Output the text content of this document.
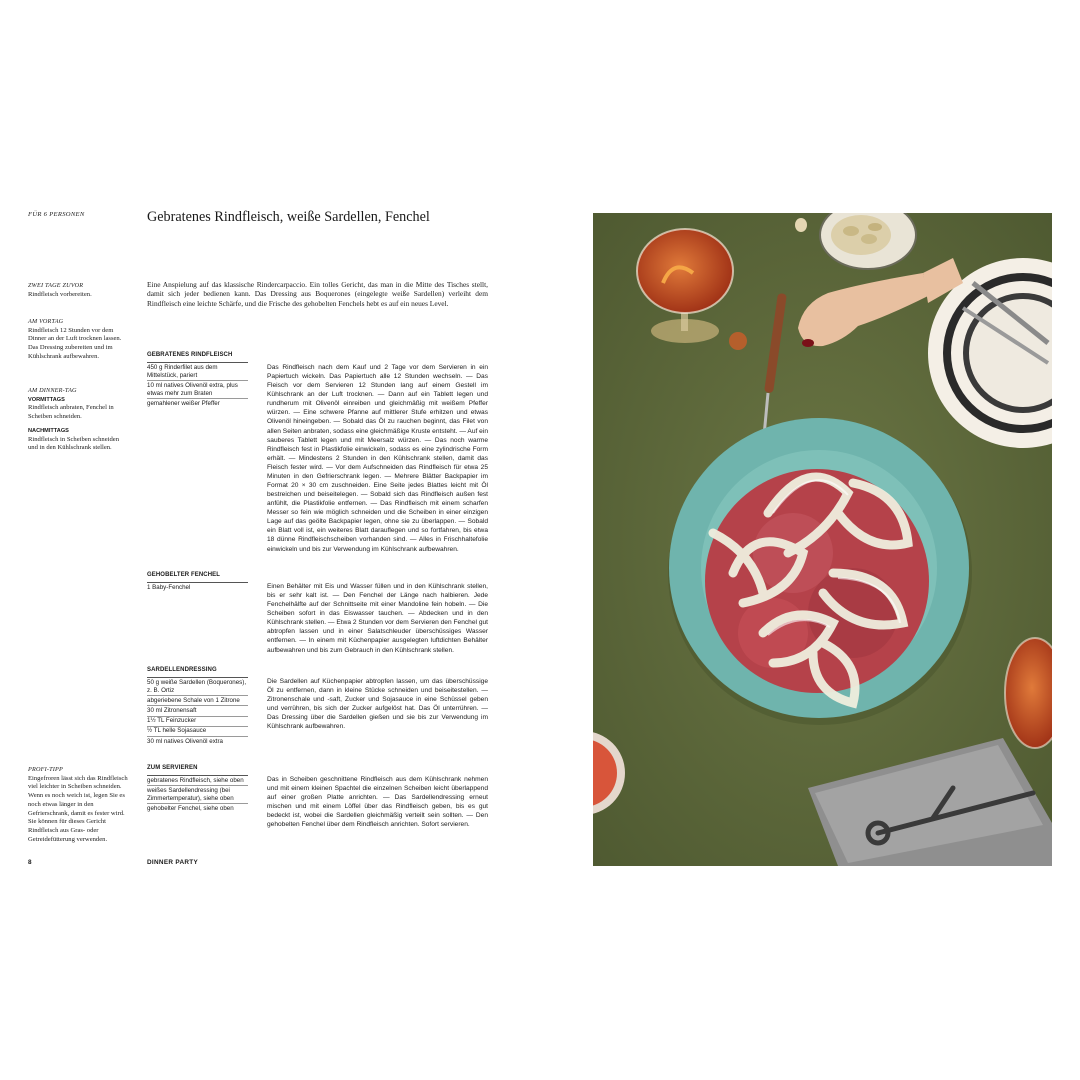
FÜR 6 PERSONEN	Gebratenes Rindfleisch, weiße Sardellen, Fenchel

Eine Anspielung auf das klassische Rindercarpaccio. Ein tolles Gericht, das man in die Mitte des Tisches stellt, damit sich jeder bedienen kann. Das Dressing aus Boquerones (eingelegte weiße Sardellen) verleiht dem Rindfleisch eine leichte Schärfe, und die Frische des gehobelten Fenchels hebt es auf ein neues Level.

ZWEI TAGE ZUVOR

Rindfleisch vorbereiten.

AM VORTAG

Rindfleisch 12 Stunden vor dem Dinner an der Luft trocknen lassen. Das Dressing zubereiten und im Kühlschrank aufbewahren.

AM DINNER-TAG

VORMITTAGS

Rindfleisch anbraten, Fenchel in Scheiben schneiden.

NACHMITTAGS

Rindfleisch in Scheiben schneiden und in den Kühlschrank stellen.

PROFI-TIPP

Eingefroren lässt sich das Rindfleisch viel leichter in Scheiben schneiden. Wenn es noch weich ist, legen Sie es noch etwas länger in den Gefrierschrank, damit es fester wird. Sie können für dieses Gericht Rindfleisch aus Gras- oder Getreidefütterung verwenden.

GEBRATENES RINDFLEISCH
450 g Rinderfilet aus dem Mittelstück, pariert
10 ml natives Olivenöl extra, plus etwas mehr zum Braten
gemahlener weißer Pfeffer

Das Rindfleisch nach dem Kauf und 2 Tage vor dem Servieren in ein Papiertuch wickeln. Das Papiertuch alle 12 Stunden wechseln. — Das Fleisch vor dem Servieren 12 Stunden lang auf einem Gestell im Kühlschrank an der Luft trocknen. — Dann auf ein Tablett legen und rundherum mit Olivenöl einreiben und gleichmäßig mit weißem Pfeffer würzen. — Eine schwere Pfanne auf mittlerer Stufe erhitzen und etwas Olivenöl hineingeben. — Sobald das Öl zu rauchen beginnt, das Filet von allen Seiten anbraten, sodass eine gleichmäßige Kruste entsteht. — Auf ein sauberes Tablett legen und mit Meersalz würzen. — Das noch warme Rindfleisch fest in Plastikfolie einwickeln, sodass es eine zylindrische Form erhält. — Mindestens 2 Stunden in den Kühlschrank stellen, damit das Fleisch fester wird. — Vor dem Aufschneiden das Rindfleisch für etwa 25 Minuten in den Gefrierschrank legen. — Mehrere Blätter Backpapier im Format 20 × 30 cm zuschneiden. Eine Seite jedes Blattes leicht mit Öl bestreichen und beiseitelegen. — Sobald sich das Rindfleisch außen fest anfühlt, die Plastikfolie entfernen. — Das Rindfleisch mit einem scharfen Messer so fein wie möglich schneiden und die Scheiben in einer einzigen Lage auf das geölte Backpapier legen, ohne sie zu überlappen. — Sobald ein Blatt voll ist, ein weiteres Blatt darauflegen und so fortfahren, bis etwa 18 dünne Rindfleischscheiben vorhanden sind. — Alles in Frischhaltefolie einwickeln und bis zur Verwendung im Kühlschrank aufbewahren.

GEHOBELTER FENCHEL
1 Baby-Fenchel	Einen Behälter mit Eis und Wasser füllen und in den Kühlschrank stellen, bis er sehr kalt ist. — Den Fenchel der Länge nach halbieren. Jede Fenchelhälfte auf der Schnittseite mit einer Mandoline fein hobeln. — Die Scheiben sofort in das Eiswasser tauchen. — Abdecken und in den Kühlschrank stellen. — Etwa 2 Stunden vor dem Servieren den Fenchel gut abtropfen lassen und in einer Salatschleuder überschüssiges Wasser entfernen. — In einem mit Küchenpapier ausgelegten luftdichten Behälter aufbewahren und bis zum Gebrauch in den Kühlschrank stellen.

SARDELLENDRESSING
50 g weiße Sardellen (Boquerones), z. B. Ortiz
abgeriebene Schale von 1 Zitrone
30 ml Zitronensaft
1½ TL Feinzucker
½ TL helle Sojasauce
30 ml natives Olivenöl extra

Die Sardellen auf Küchenpapier abtropfen lassen, um das überschüssige Öl zu entfernen, dann in kleine Stücke schneiden und beiseitestellen. — Zitronenschale und -saft, Zucker und Sojasauce in eine Schüssel geben und verrühren, bis sich der Zucker aufgelöst hat. Das Öl unterrühren. — Das Dressing über die Sardellen gießen und sie bis zur Verwendung im Kühlschrank aufbewahren.

ZUM SERVIEREN
gebratenes Rindfleisch, siehe oben
weißes Sardellendressing (bei Zimmertemperatur), siehe oben
gehobelter Fenchel, siehe oben

Das in Scheiben geschnittene Rindfleisch aus dem Kühlschrank nehmen und mit einem kleinen Spachtel die einzelnen Scheiben leicht überlappend auf einer großen Platte anrichten. — Das Sardellendressing erneut mischen und mit einem Löffel über das Rindfleisch geben, bis es gut bedeckt ist, wobei die Sardellen gleichmäßig verteilt sein sollten. — Den gehobelten Fenchel über dem Rindfleisch anrichten. Sofort servieren.

8	DINNER PARTY
